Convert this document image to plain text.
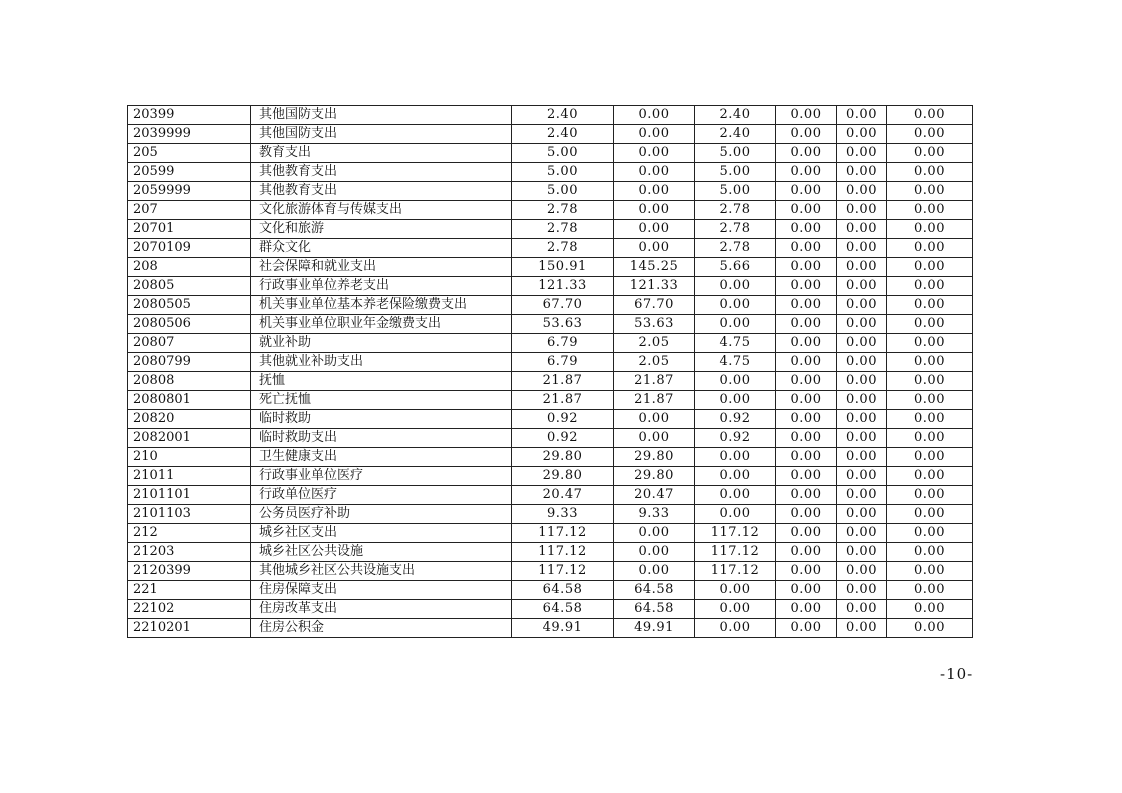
20399	其他国防支出	2.40	0.00	2.40	0.00	0.00	0.00
2039999	其他国防支出	2.40	0.00	2.40	0.00	0.00	0.00
205	教育支出	5.00	0.00	5.00	0.00	0.00	0.00
20599	其他教育支出	5.00	0.00	5.00	0.00	0.00	0.00
2059999	其他教育支出	5.00	0.00	5.00	0.00	0.00	0.00
207	文化旅游体育与传媒支出	2.78	0.00	2.78	0.00	0.00	0.00
20701	文化和旅游	2.78	0.00	2.78	0.00	0.00	0.00
2070109	群众文化	2.78	0.00	2.78	0.00	0.00	0.00
208	社会保障和就业支出	150.91	145.25	5.66	0.00	0.00	0.00
20805	行政事业单位养老支出	121.33	121.33	0.00	0.00	0.00	0.00
2080505	机关事业单位基本养老保险缴费支出	67.70	67.70	0.00	0.00	0.00	0.00
2080506	机关事业单位职业年金缴费支出	53.63	53.63	0.00	0.00	0.00	0.00
20807	就业补助	6.79	2.05	4.75	0.00	0.00	0.00
2080799	其他就业补助支出	6.79	2.05	4.75	0.00	0.00	0.00
20808	抚恤	21.87	21.87	0.00	0.00	0.00	0.00
2080801	死亡抚恤	21.87	21.87	0.00	0.00	0.00	0.00
20820	临时救助	0.92	0.00	0.92	0.00	0.00	0.00
2082001	临时救助支出	0.92	0.00	0.92	0.00	0.00	0.00
210	卫生健康支出	29.80	29.80	0.00	0.00	0.00	0.00
21011	行政事业单位医疗	29.80	29.80	0.00	0.00	0.00	0.00
2101101	行政单位医疗	20.47	20.47	0.00	0.00	0.00	0.00
2101103	公务员医疗补助	9.33	9.33	0.00	0.00	0.00	0.00
212	城乡社区支出	117.12	0.00	117.12	0.00	0.00	0.00
21203	城乡社区公共设施	117.12	0.00	117.12	0.00	0.00	0.00
2120399	其他城乡社区公共设施支出	117.12	0.00	117.12	0.00	0.00	0.00
221	住房保障支出	64.58	64.58	0.00	0.00	0.00	0.00
22102	住房改革支出	64.58	64.58	0.00	0.00	0.00	0.00
2210201	住房公积金	49.91	49.91	0.00	0.00	0.00	0.00
-10-
